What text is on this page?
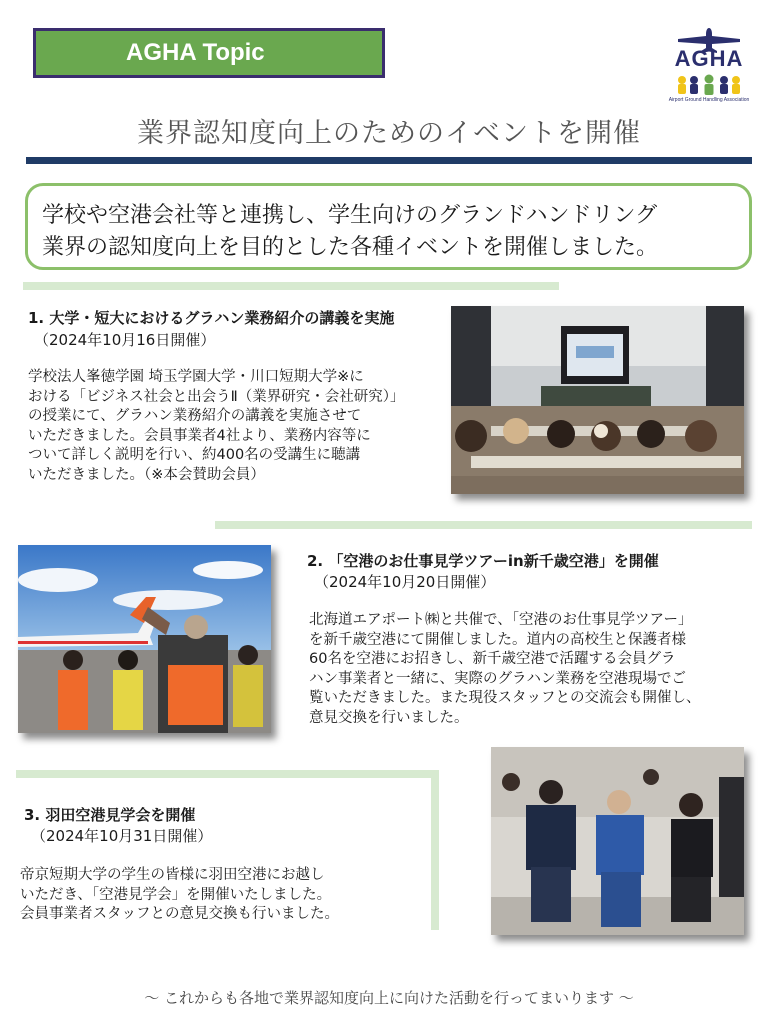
AGHA Topic	AGHA
Airport Ground Handling Association
業界認知度向上のためのイベントを開催
学校や空港会社等と連携し、学生向けのグランドハンドリング
業界の認知度向上を目的とした各種イベントを開催しました。
1. 大学・短大におけるグラハン業務紹介の講義を実施
（2024年10月16日開催）
学校法人峯徳学園 埼玉学園大学・川口短期大学※に
おける「ビジネス社会と出会うⅡ（業界研究・会社研究）」
の授業にて、グラハン業務紹介の講義を実施させて
いただきました。会員事業者4社より、業務内容等に
ついて詳しく説明を行い、約400名の受講生に聴講
いただきました。（※本会賛助会員）
2. 「空港のお仕事見学ツアーin新千歳空港」を開催
（2024年10月20日開催）
北海道エアポート㈱と共催で、「空港のお仕事見学ツアー」
を新千歳空港にて開催しました。道内の高校生と保護者様
60名を空港にお招きし、新千歳空港で活躍する会員グラ
ハン事業者と一緒に、実際のグラハン業務を空港現場でご
覧いただきました。また現役スタッフとの交流会も開催し、
意見交換を行いました。
3. 羽田空港見学会を開催
（2024年10月31日開催）
帝京短期大学の学生の皆様に羽田空港にお越し
いただき、「空港見学会」を開催いたしました。
会員事業者スタッフとの意見交換も行いました。
～ これからも各地で業界認知度向上に向けた活動を行ってまいります ～
